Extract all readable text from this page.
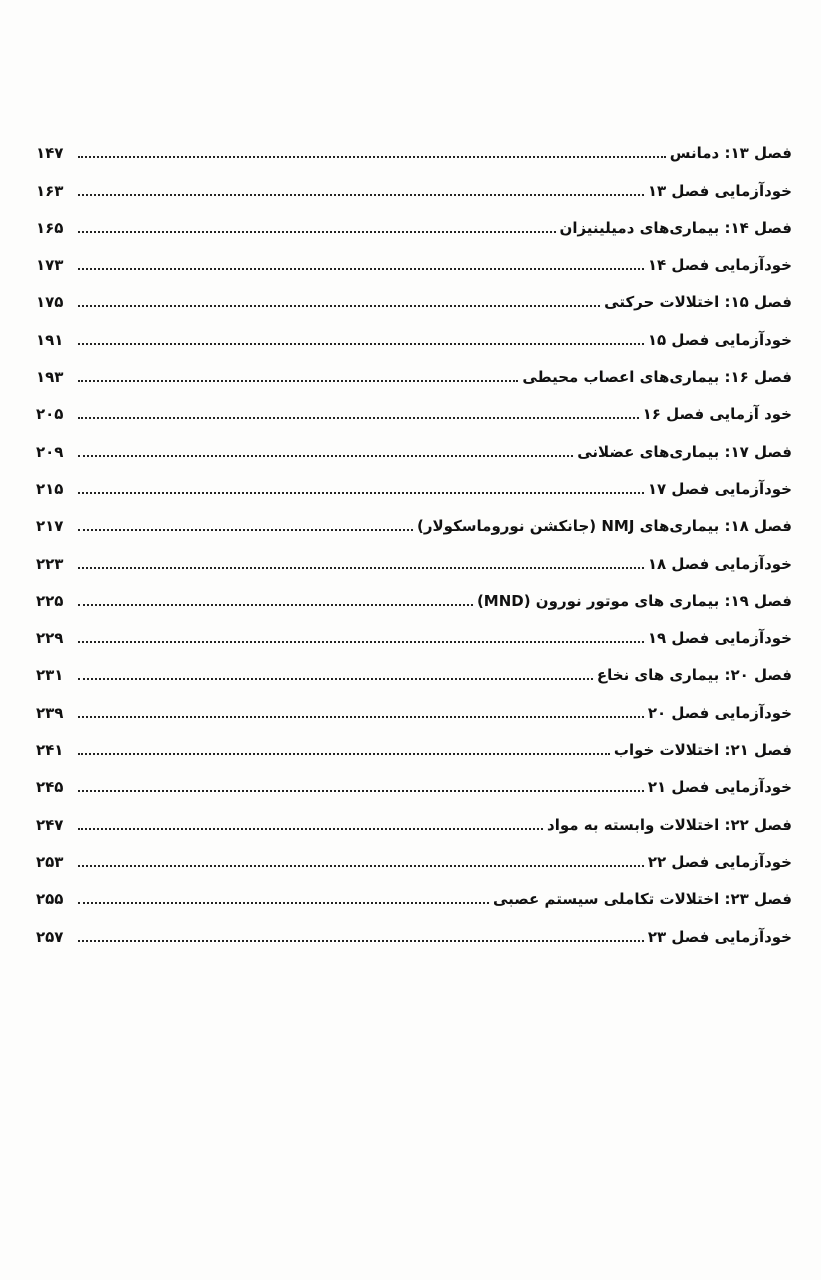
فصل ۱۳: دمانس
۱۴۷
خودآزمایی فصل ۱۳
۱۶۳
فصل ۱۴: بیماری‌های دمیلینیزان
۱۶۵
خودآزمایی فصل ۱۴
۱۷۳
فصل ۱۵: اختلالات حرکتی
۱۷۵
خودآزمایی فصل ۱۵
۱۹۱
فصل ۱۶: بیماری‌های اعصاب محیطی
۱۹۳
خود آزمایی فصل ۱۶
۲۰۵
فصل ۱۷: بیماری‌های عضلانی
۲۰۹
خودآزمایی فصل ۱۷
۲۱۵
فصل ۱۸: بیماری‌های NMJ (جانکشن نوروماسکولار)
۲۱۷
خودآزمایی فصل ۱۸
۲۲۳
فصل ۱۹: بیماری های موتور نورون (MND)
۲۲۵
خودآزمایی فصل ۱۹
۲۲۹
فصل ۲۰: بیماری های نخاع
۲۳۱
خودآزمایی فصل ۲۰
۲۳۹
فصل ۲۱: اختلالات خواب
۲۴۱
خودآزمایی فصل ۲۱
۲۴۵
فصل ۲۲: اختلالات وابسته به مواد
۲۴۷
خودآزمایی فصل ۲۲
۲۵۳
فصل ۲۳: اختلالات تکاملی سیستم عصبی
۲۵۵
خودآزمایی فصل ۲۳
۲۵۷
